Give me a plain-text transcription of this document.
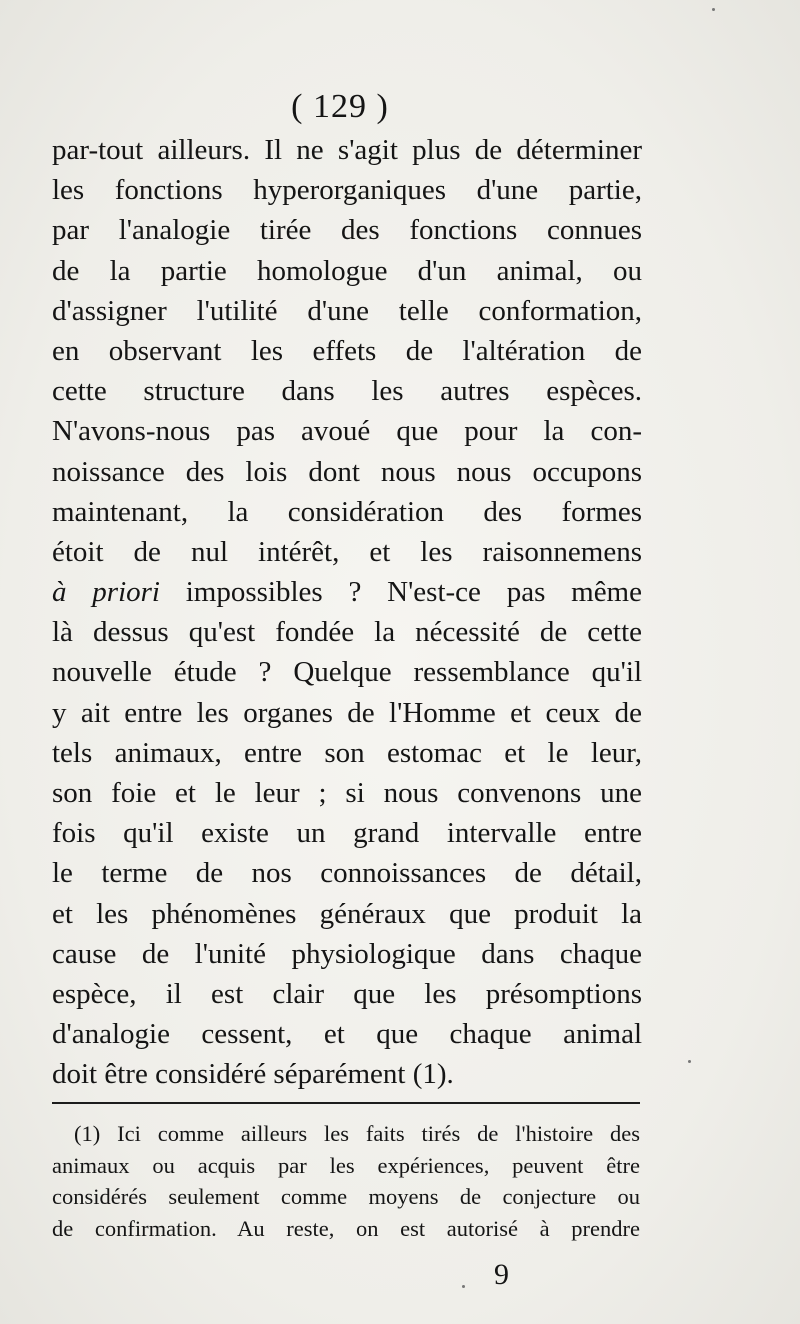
( 129 )
par-tout ailleurs. Il ne s'agit plus de déterminer
les fonctions hyperorganiques d'une partie,
par l'analogie tirée des fonctions connues
de la partie homologue d'un animal, ou
d'assigner l'utilité d'une telle conformation,
en observant les effets de l'altération de
cette structure dans les autres espèces.
N'avons-nous pas avoué que pour la con-
noissance des lois dont nous nous occupons
maintenant, la considération des formes
étoit de nul intérêt, et les raisonnemens
à priori impossibles ? N'est-ce pas même
là dessus qu'est fondée la nécessité de cette
nouvelle étude ? Quelque ressemblance qu'il
y ait entre les organes de l'Homme et ceux de
tels animaux, entre son estomac et le leur,
son foie et le leur ; si nous convenons une
fois qu'il existe un grand intervalle entre
le terme de nos connoissances de détail,
et les phénomènes généraux que produit la
cause de l'unité physiologique dans chaque
espèce, il est clair que les présomptions
d'analogie cessent, et que chaque animal
doit être considéré séparément (1).
(1) Ici comme ailleurs les faits tirés de l'histoire des
animaux ou acquis par les expériences, peuvent être
considérés seulement comme moyens de conjecture ou
de confirmation. Au reste, on est autorisé à prendre
9
